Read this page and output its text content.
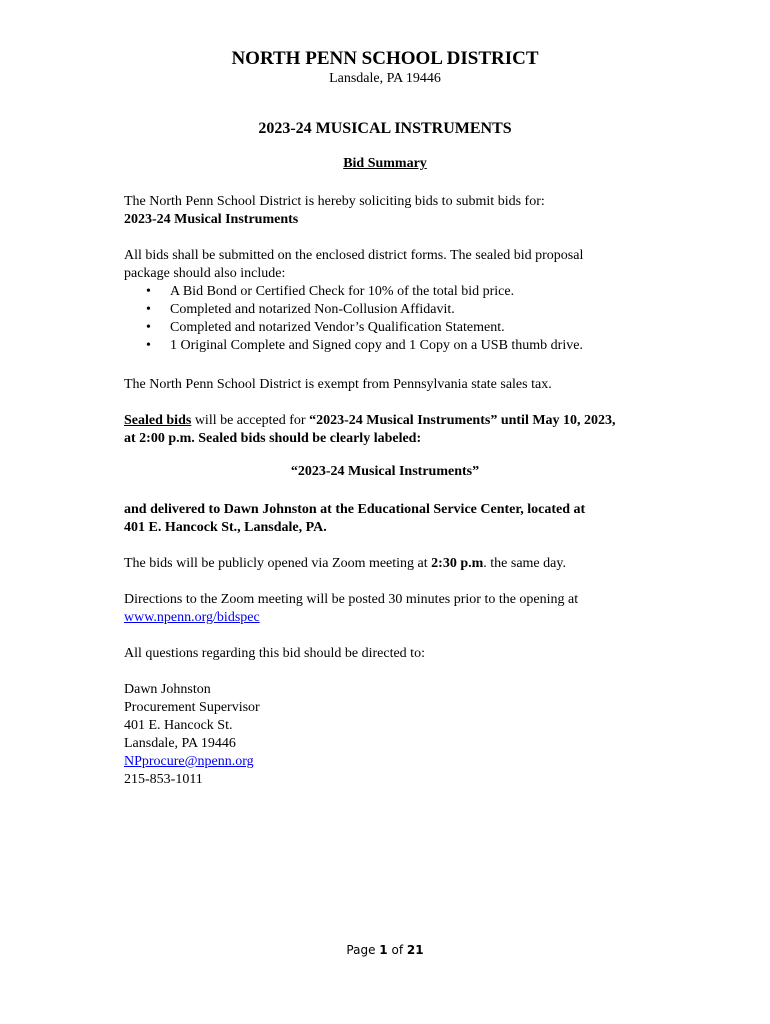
NORTH PENN SCHOOL DISTRICT
Lansdale, PA 19446
2023-24 MUSICAL INSTRUMENTS
Bid Summary
The North Penn School District is hereby soliciting bids to submit bids for:
2023-24 Musical Instruments
All bids shall be submitted on the enclosed district forms. The sealed bid proposal
package should also include:
• A Bid Bond or Certified Check for 10% of the total bid price.
• Completed and notarized Non-Collusion Affidavit.
• Completed and notarized Vendor’s Qualification Statement.
• 1 Original Complete and Signed copy and 1 Copy on a USB thumb drive.
The North Penn School District is exempt from Pennsylvania state sales tax.
Sealed bids will be accepted for “2023-24 Musical Instruments” until May 10, 2023,
at 2:00 p.m. Sealed bids should be clearly labeled:
“2023-24 Musical Instruments”
and delivered to Dawn Johnston at the Educational Service Center, located at
401 E. Hancock St., Lansdale, PA.
The bids will be publicly opened via Zoom meeting at 2:30 p.m. the same day.
Directions to the Zoom meeting will be posted 30 minutes prior to the opening at
www.npenn.org/bidspec
All questions regarding this bid should be directed to:
Dawn Johnston
Procurement Supervisor
401 E. Hancock St.
Lansdale, PA 19446
NPprocure@npenn.org
215-853-1011
Page 1 of 21
